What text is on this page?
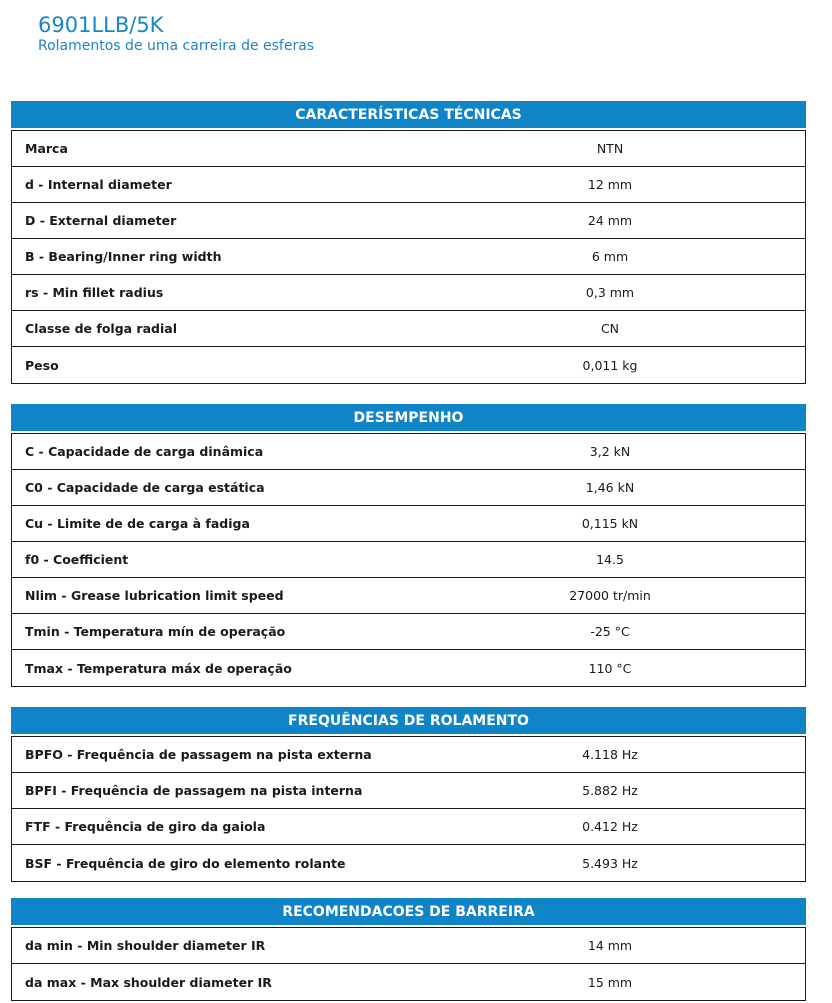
6901LLB/5K
Rolamentos de uma carreira de esferas
CARACTERÍSTICAS TÉCNICAS
Marca	NTN
d - Internal diameter	12 mm
D - External diameter	24 mm
B - Bearing/Inner ring width	6 mm
rs - Min fillet radius	0,3 mm
Classe de folga radial	CN
Peso	0,011 kg
DESEMPENHO
C - Capacidade de carga dinâmica	3,2 kN
C0 - Capacidade de carga estática	1,46 kN
Cu - Limite de de carga à fadiga	0,115 kN
f0 - Coefficient	14.5
Nlim - Grease lubrication limit speed	27000 tr/min
Tmin - Temperatura mín de operação	-25 °C
Tmax - Temperatura máx de operação	110 °C
FREQUÊNCIAS DE ROLAMENTO
BPFO - Frequência de passagem na pista externa	4.118 Hz
BPFI - Frequência de passagem na pista interna	5.882 Hz
FTF - Frequência de giro da gaiola	0.412 Hz
BSF - Frequência de giro do elemento rolante	5.493 Hz
RECOMENDACOES DE BARREIRA
da min - Min shoulder diameter IR	14 mm
da max - Max shoulder diameter IR	15 mm
